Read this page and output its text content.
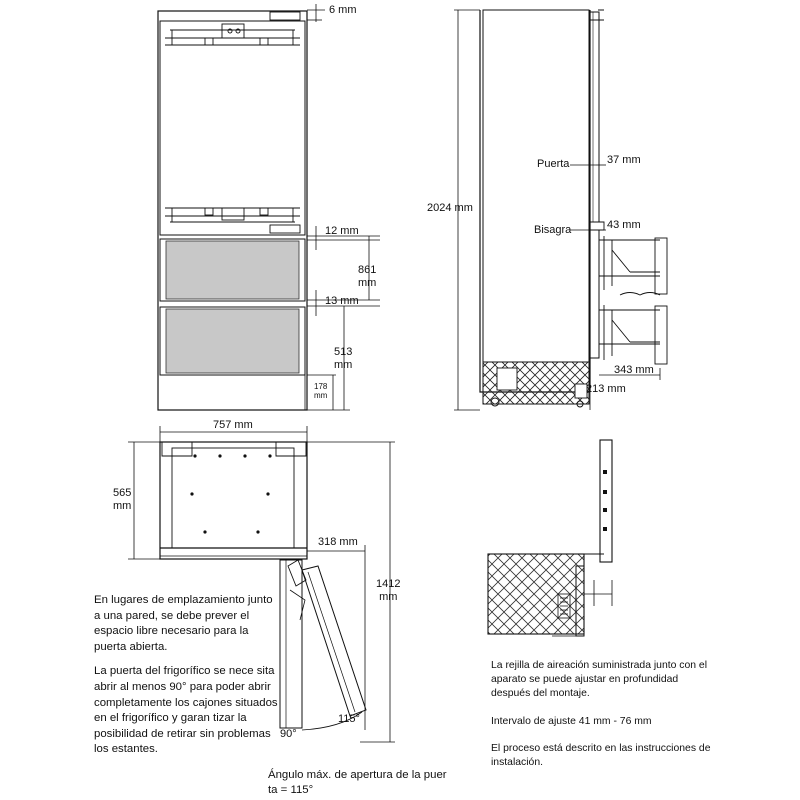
6 mm
12 mm
861
mm
13 mm
513
mm
178
mm
2024 mm
Puerta	37 mm
Bisagra	43 mm
343 mm
213 mm
757 mm
565
mm
318 mm
1412
mm
115°
90°

En lugares de emplazamiento junto a una pared, se debe prever el espacio libre necesario para la puerta abierta.

La puerta del frigorífico se nece sita abrir al menos 90° para poder abrir completamente los cajones situados en el frigorífico y garan tizar la posibilidad de retirar sin problemas los estantes.

Ángulo máx. de apertura de la puer ta = 115°

La rejilla de aireación suministrada junto con el aparato se puede ajustar en profundidad después del montaje.

Intervalo de ajuste 41 mm - 76 mm

El proceso está descrito en las instrucciones de instalación.
